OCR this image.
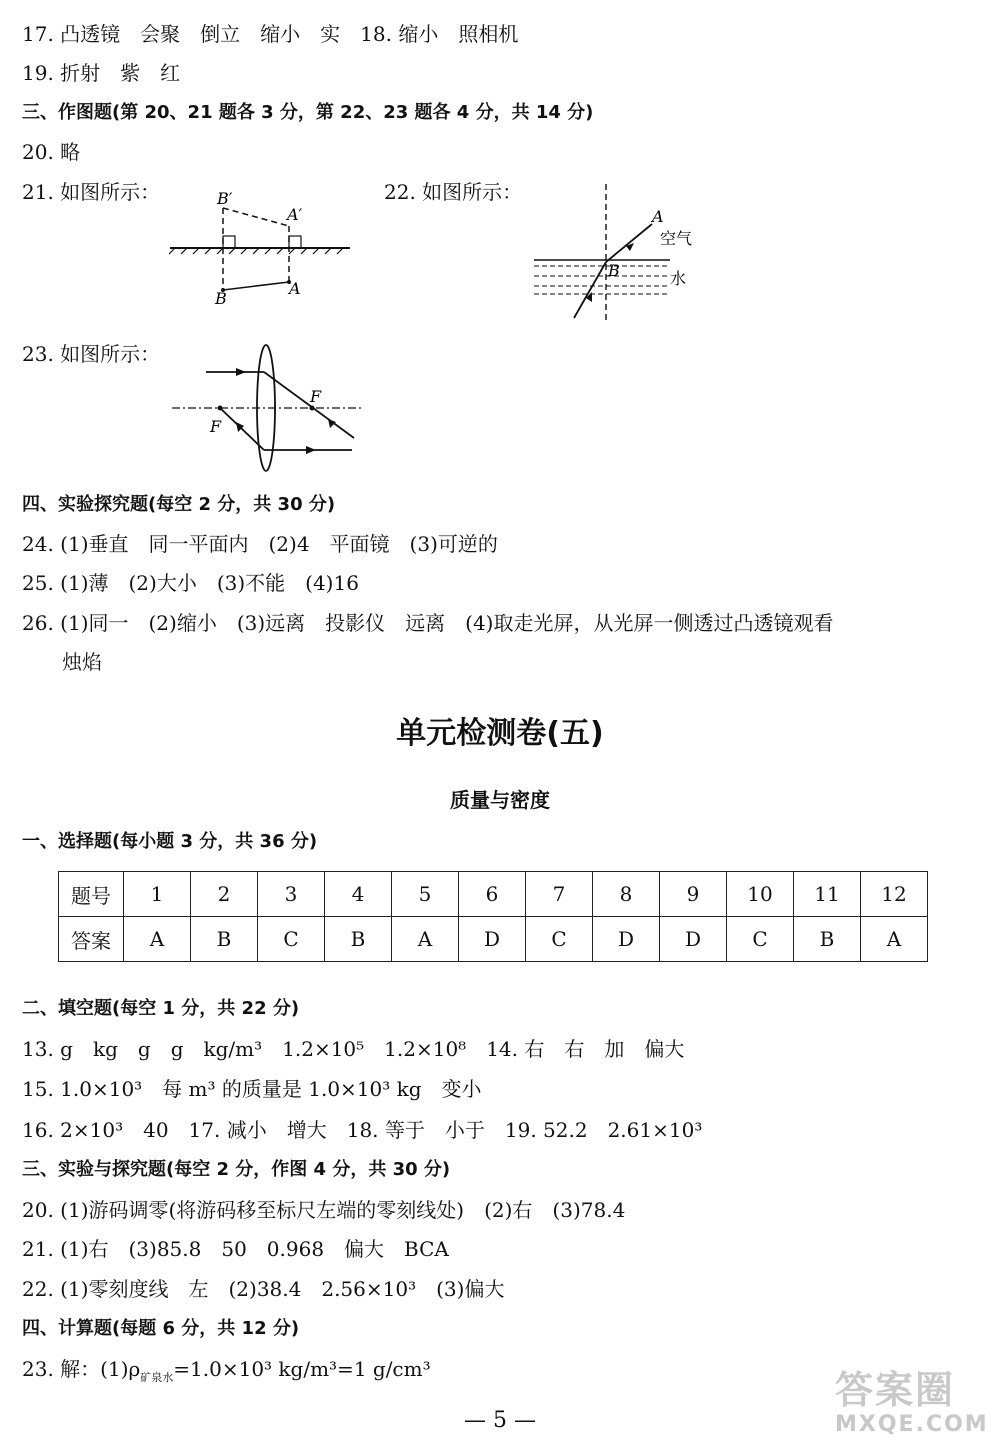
17. 凸透镜　会聚　倒立　缩小　实　18. 缩小　照相机
19. 折射　紫　红
三、作图题(第 20、21 题各 3 分，第 22、23 题各 4 分，共 14 分)
20. 略
21. 如图所示：	22. 如图所示：
B′
A′
B
A
A
空气
B	水
23. 如图所示：
F
F
四、实验探究题(每空 2 分，共 30 分)
24. (1)垂直　同一平面内　(2)4　平面镜　(3)可逆的
25. (1)薄　(2)大小　(3)不能　(4)16
26. (1)同一　(2)缩小　(3)远离　投影仪　远离　(4)取走光屏，从光屏一侧透过凸透镜观看
烛焰
单元检测卷(五)
质量与密度
一、选择题(每小题 3 分，共 36 分)
题号	1	2	3	4	5	6	7	8	9	10	11	12
答案	A	B	C	B	A	D	C	D	D	C	B	A
二、填空题(每空 1 分，共 22 分)
13. g　kg　g　g　kg/m³　1.2×10⁵　1.2×10⁸　14. 右　右　加　偏大
15. 1.0×10³　每 m³ 的质量是 1.0×10³ kg　变小
16. 2×10³　40　17. 减小　增大　18. 等于　小于　19. 52.2　2.61×10³
三、实验与探究题(每空 2 分，作图 4 分，共 30 分)
20. (1)游码调零(将游码移至标尺左端的零刻线处)　(2)右　(3)78.4
21. (1)右　(3)85.8　50　0.968　偏大　BCA
22. (1)零刻度线　左　(2)38.4　2.56×10³　(3)偏大
四、计算题(每题 6 分，共 12 分)
23. 解：$(1)\rho_{矿泉水}=1.0\times 10^3$ kg/m³=1 g/cm³
— 5 —
答案圈
MXQE.COM
